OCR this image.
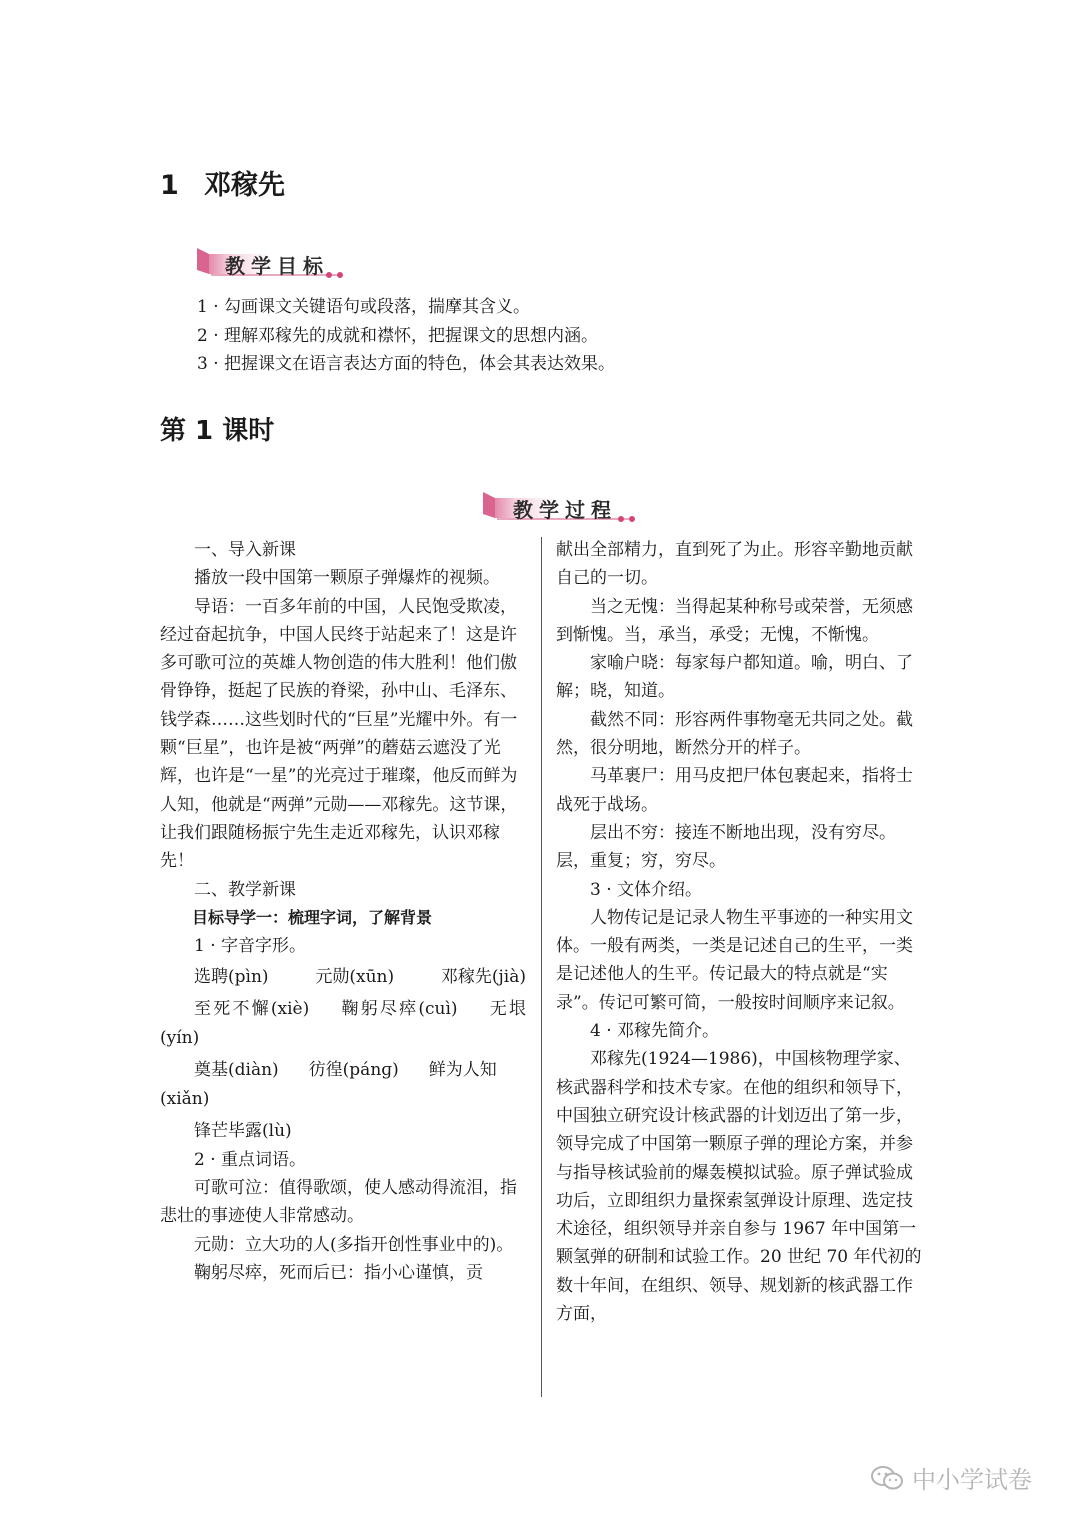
1 邓稼先
教学目标
1 · 勾画课文关键语句或段落，揣摩其含义。
2 · 理解邓稼先的成就和襟怀，把握课文的思想内涵。
3 · 把握课文在语言表达方面的特色，体会其表达效果。
第 1 课时
教学过程

一、导入新课

播放一段中国第一颗原子弹爆炸的视频。

导语：一百多年前的中国，人民饱受欺凌，经过奋起抗争，中国人民终于站起来了！这是许多可歌可泣的英雄人物创造的伟大胜利！他们傲骨铮铮，挺起了民族的脊梁，孙中山、毛泽东、钱学森……这些划时代的“巨星”光耀中外。有一颗“巨星”，也许是被“两弹”的蘑菇云遮没了光辉，也许是“一星”的光亮过于璀璨，他反而鲜为人知，他就是“两弹”元勋——邓稼先。这节课，让我们跟随杨振宁先生走近邓稼先，认识邓稼先！

二、教学新课

目标导学一：梳理字词，了解背景

1 · 字音字形。

选聘(pìn)	元勋(xūn)	邓稼先(jià)
至死不懈(xiè) 鞠躬尽瘁(cuì) 无垠(yín)
奠基(diàn) 彷徨(pánɡ) 鲜为人知(xiǎn)

锋芒毕露(lù)

2 · 重点词语。

可歌可泣：值得歌颂，使人感动得流泪，指悲壮的事迹使人非常感动。

元勋：立大功的人(多指开创性事业中的)。

鞠躬尽瘁，死而后已：指小心谨慎，贡

献出全部精力，直到死了为止。形容辛勤地贡献自己的一切。

当之无愧：当得起某种称号或荣誉，无须感到惭愧。当，承当，承受；无愧，不惭愧。

家喻户晓：每家每户都知道。喻，明白、了解；晓，知道。

截然不同：形容两件事物毫无共同之处。截然，很分明地，断然分开的样子。

马革裹尸：用马皮把尸体包裹起来，指将士战死于战场。

层出不穷：接连不断地出现，没有穷尽。层，重复；穷，穷尽。

3 · 文体介绍。

人物传记是记录人物生平事迹的一种实用文体。一般有两类，一类是记述自己的生平，一类是记述他人的生平。传记最大的特点就是“实录”。传记可繁可简，一般按时间顺序来记叙。

4 · 邓稼先简介。

邓稼先(1924—1986)，中国核物理学家、核武器科学和技术专家。在他的组织和领导下，中国独立研究设计核武器的计划迈出了第一步，领导完成了中国第一颗原子弹的理论方案，并参与指导核试验前的爆轰模拟试验。原子弹试验成功后，立即组织力量探索氢弹设计原理、选定技术途径，组织领导并亲自参与 1967 年中国第一颗氢弹的研制和试验工作。20 世纪 70 年代初的数十年间，在组织、领导、规划新的核武器工作方面，

中小学试卷
